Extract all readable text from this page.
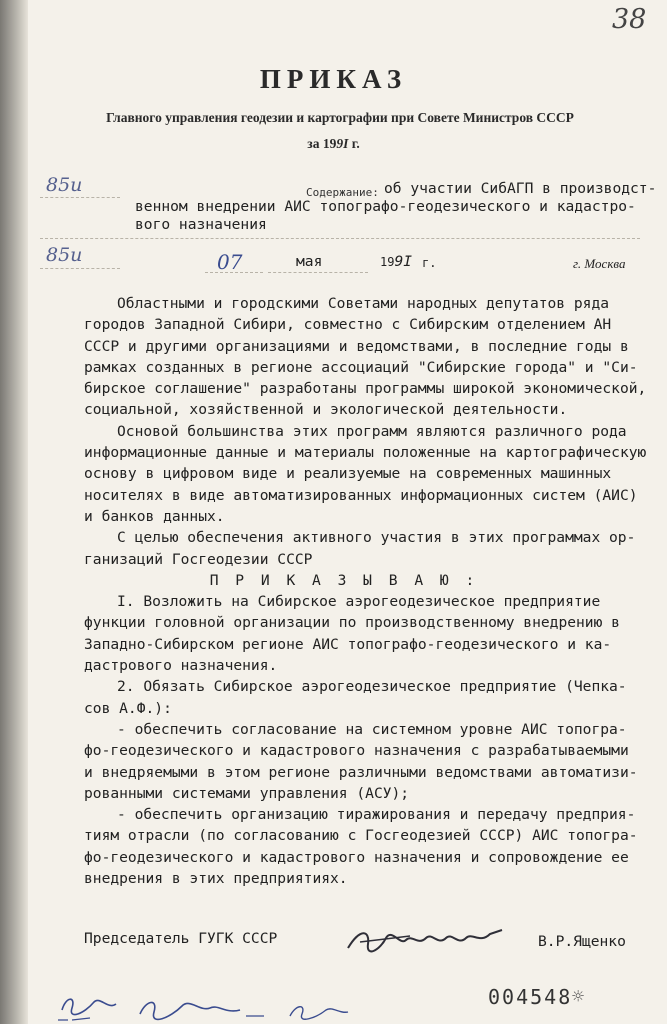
38
ПРИКАЗ
Главного управления геодезии и картографии при Совете Министров СССР
за 199I г.
85и	Содержание: об участии СибАГП в производст-
венном внедрении АИС топографо-геодезического и кадастро-
вого назначения
85и	07	мая	199I г.	г. Москва

Областными и городскими Советами народных депутатов ряда

городов Западной Сибири, совместно с Сибирским отделением АН

СССР и другими организациями и ведомствами, в последние годы в

рамках созданных в регионе ассоциаций "Сибирские города" и "Си-

бирское соглашение" разработаны программы широкой экономической,

социальной, хозяйственной и экологической деятельности.

Основой большинства этих программ являются различного рода

информационные данные и материалы положенные на картографическую

основу в цифровом виде и реализуемые на современных машинных

носителях в виде автоматизированных информационных систем (АИС)

и банков данных.

С целью обеспечения активного участия в этих программах ор-

ганизаций Госгеодезии СССР

П Р И К А З Ы В А Ю :

I. Возложить на Сибирское аэрогеодезическое предприятие

функции головной организации по производственному внедрению в

Западно-Сибирском регионе АИС топографо-геодезического и ка-

дастрового назначения.

2. Обязать Сибирское аэрогеодезическое предприятие (Чепка-

сов А.Ф.):

- обеспечить согласование на системном уровне АИС топогра-

фо-геодезического и кадастрового назначения с разрабатываемыми

и внедряемыми в этом регионе различными ведомствами автоматизи-

рованными системами управления (АСУ);

- обеспечить организацию тиражирования и передачу предприя-

тиям отрасли (по согласованию с Госгеодезией СССР) АИС топогра-

фо-геодезического и кадастрового назначения и сопровождение ее

внедрения в этих предприятиях.

Председатель ГУГК СССР	В.Р.Ященко
004548 ☼
